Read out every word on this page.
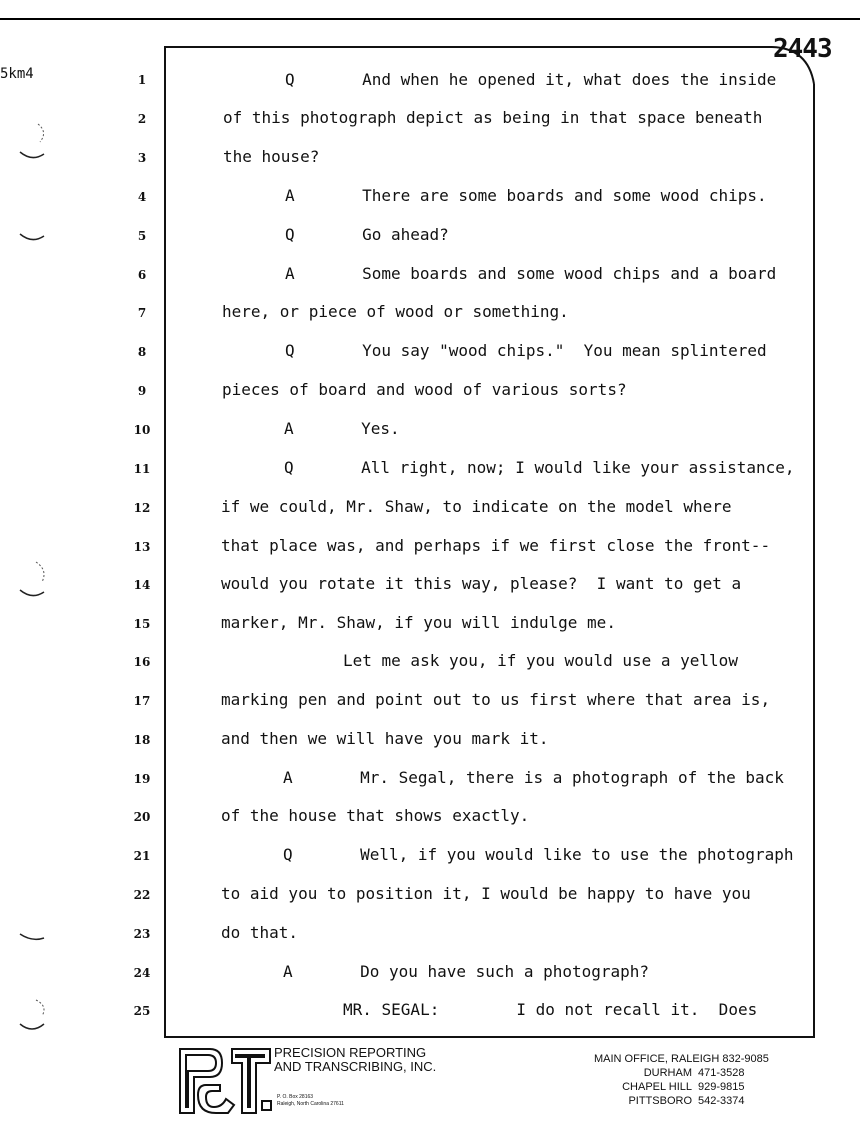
5km4
2443
1	Q       And when he opened it, what does the inside
2	of this photograph depict as being in that space beneath
3	the house?
4	A       There are some boards and some wood chips.
5	Q       Go ahead?
6	A       Some boards and some wood chips and a board
7	here, or piece of wood or something.
8	Q       You say "wood chips."  You mean splintered
9	pieces of board and wood of various sorts?
10	A       Yes.
11	Q       All right, now; I would like your assistance,
12	if we could, Mr. Shaw, to indicate on the model where
13	that place was, and perhaps if we first close the front--
14	would you rotate it this way, please?  I want to get a
15	marker, Mr. Shaw, if you will indulge me.
16	Let me ask you, if you would use a yellow
17	marking pen and point out to us first where that area is,
18	and then we will have you mark it.
19	A       Mr. Segal, there is a photograph of the back
20	of the house that shows exactly.
21	Q       Well, if you would like to use the photograph
22	to aid you to position it, I would be happy to have you
23	do that.
24	A       Do you have such a photograph?
25	MR. SEGAL:        I do not recall it.  Does
PRECISION REPORTING
AND TRANSCRIBING, INC.
P. O. Box 28163
Raleigh, North Carolina 27611
MAIN OFFICE, RALEIGH
832-9085
DURHAM 471-3528
CHAPEL HILL 929-9815
PITTSBORO 542-3374
